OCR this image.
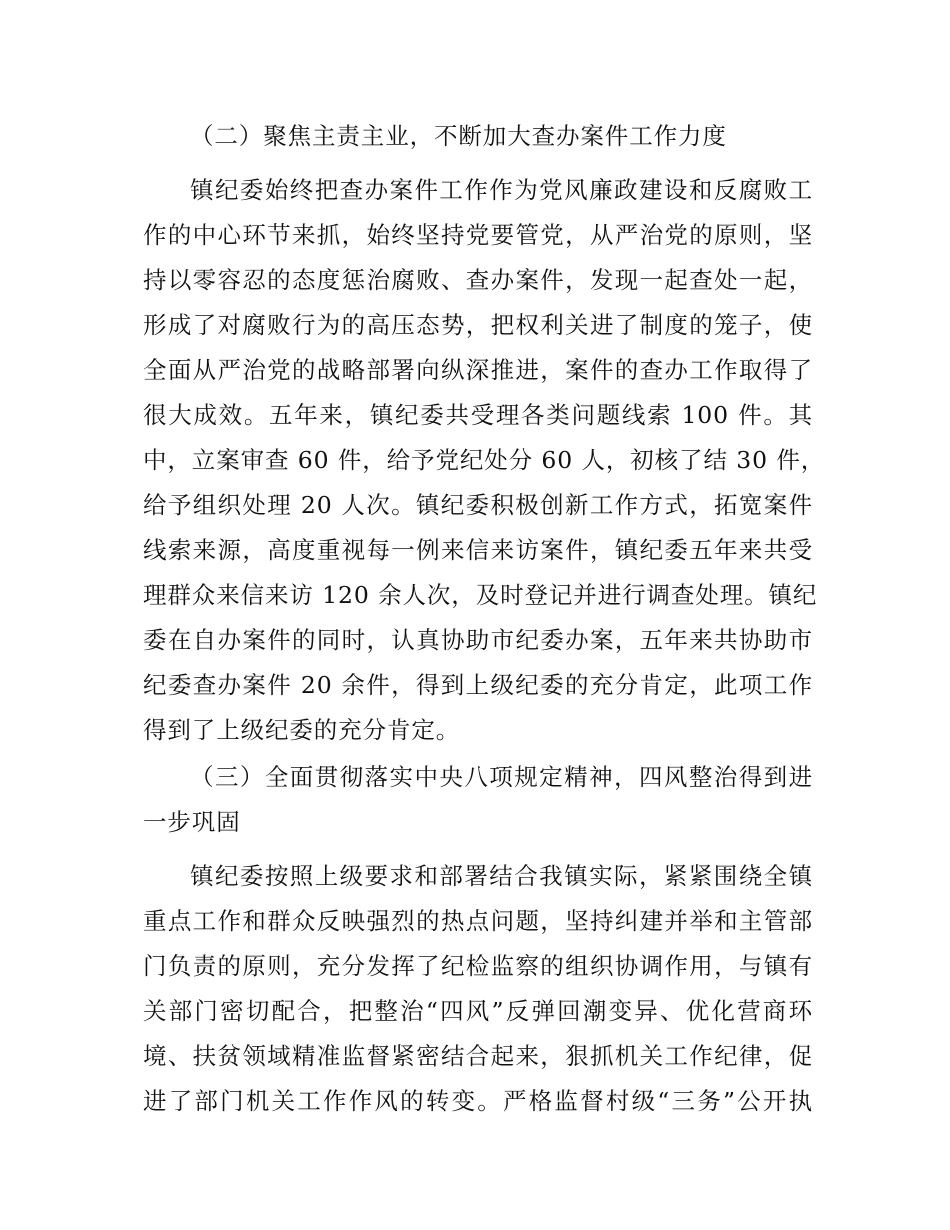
（二）聚焦主责主业，不断加大查办案件工作力度
镇纪委始终把查办案件工作作为党风廉政建设和反腐败工
作的中心环节来抓，始终坚持党要管党，从严治党的原则，坚
持以零容忍的态度惩治腐败、查办案件，发现一起查处一起，
形成了对腐败行为的高压态势，把权利关进了制度的笼子，使
全面从严治党的战略部署向纵深推进，案件的查办工作取得了
很大成效。五年来，镇纪委共受理各类问题线索 100 件。其
中，立案审查 60 件，给予党纪处分 60 人，初核了结 30 件，
给予组织处理 20 人次。镇纪委积极创新工作方式，拓宽案件
线索来源，高度重视每一例来信来访案件，镇纪委五年来共受
理群众来信来访 120 余人次，及时登记并进行调查处理。镇纪
委在自办案件的同时，认真协助市纪委办案，五年来共协助市
纪委查办案件 20 余件，得到上级纪委的充分肯定，此项工作
得到了上级纪委的充分肯定。
（三）全面贯彻落实中央八项规定精神，四风整治得到进
一步巩固
镇纪委按照上级要求和部署结合我镇实际，紧紧围绕全镇
重点工作和群众反映强烈的热点问题，坚持纠建并举和主管部
门负责的原则，充分发挥了纪检监察的组织协调作用，与镇有
关部门密切配合，把整治“四风”反弹回潮变异、优化营商环
境、扶贫领域精准监督紧密结合起来，狠抓机关工作纪律，促
进了部门机关工作作风的转变。严格监督村级“三务”公开执
